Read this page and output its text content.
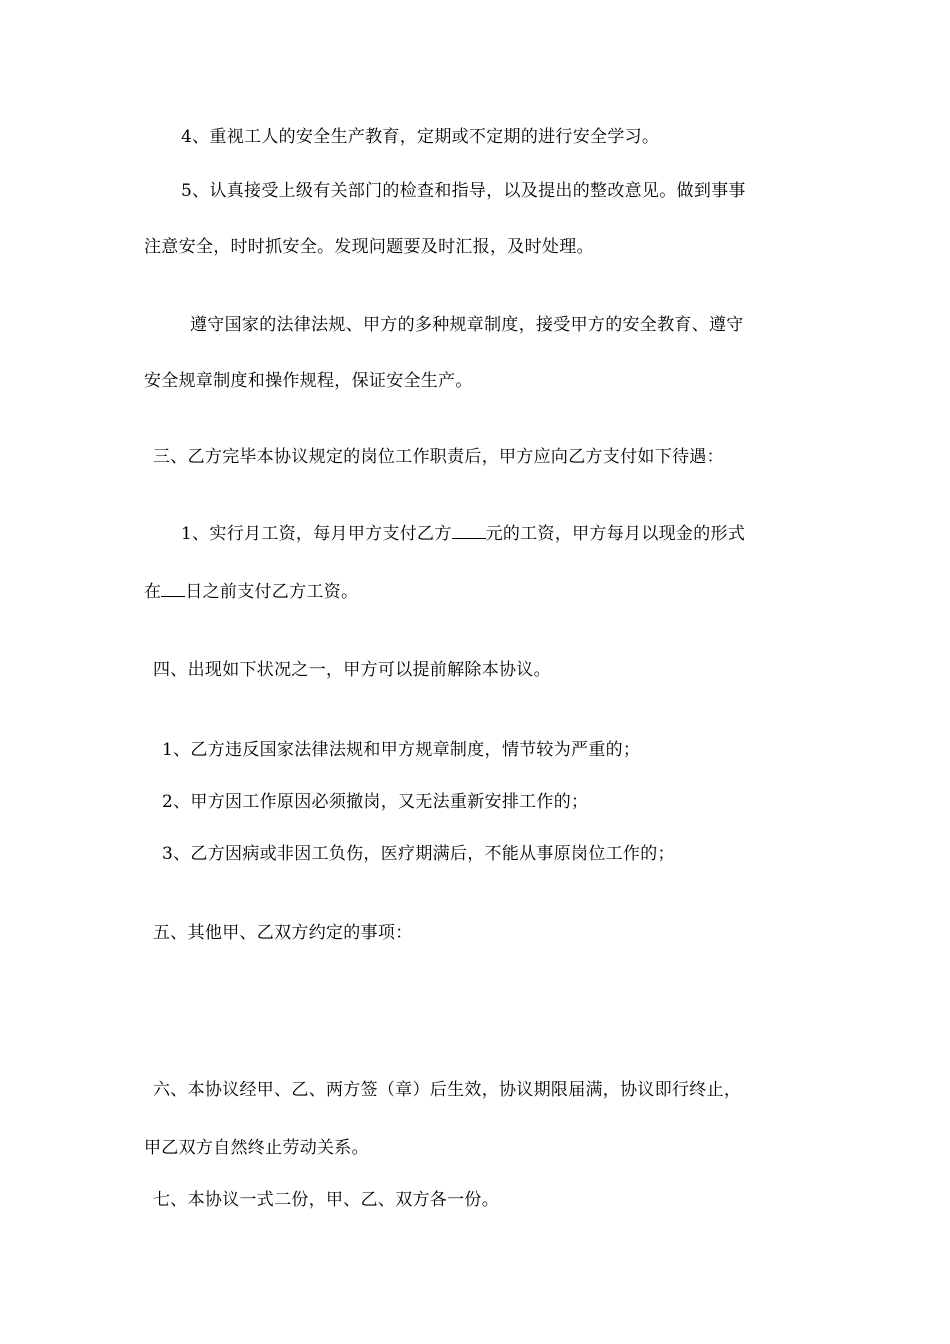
4、重视工人的安全生产教育，定期或不定期的进行安全学习。
5、认真接受上级有关部门的检查和指导，以及提出的整改意见。做到事事
注意安全，时时抓安全。发现问题要及时汇报，及时处理。
遵守国家的法律法规、甲方的多种规章制度，接受甲方的安全教育、遵守
安全规章制度和操作规程，保证安全生产。
三、乙方完毕本协议规定的岗位工作职责后，甲方应向乙方支付如下待遇：
1、实行月工资，每月甲方支付乙方 元的工资，甲方每月以现金的形式
在 日之前支付乙方工资。
四、出现如下状况之一，甲方可以提前解除本协议。
1、乙方违反国家法律法规和甲方规章制度，情节较为严重的；
2、甲方因工作原因必须撤岗，又无法重新安排工作的；
3、乙方因病或非因工负伤，医疗期满后，不能从事原岗位工作的；
五、其他甲、乙双方约定的事项：
六、本协议经甲、乙、两方签（章）后生效，协议期限届满，协议即行终止，
甲乙双方自然终止劳动关系。
七、本协议一式二份，甲、乙、双方各一份。
